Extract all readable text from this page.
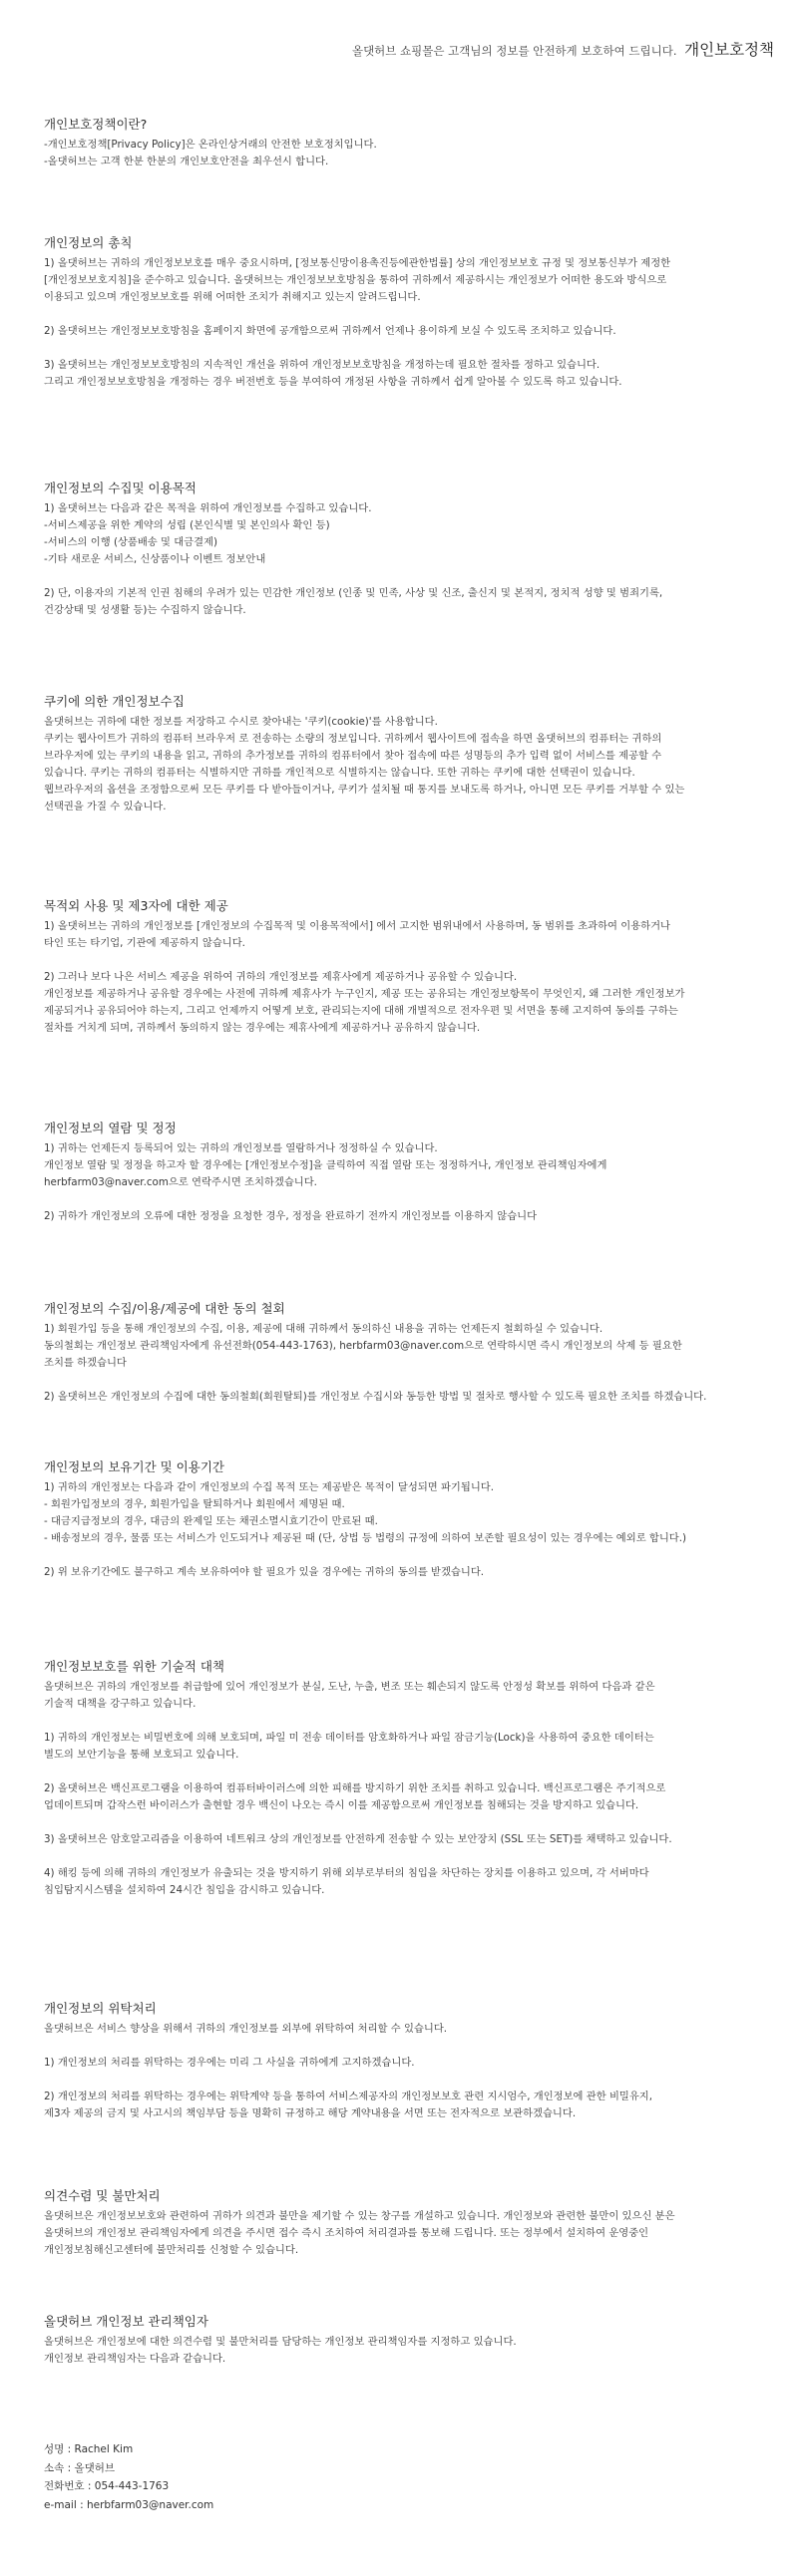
올댓허브 쇼핑몰은 고객님의 정보를 안전하게 보호하여 드립니다. 개인보호정책
개인보호정책이란?

-개인보호정책[Privacy Policy]은 온라인상거래의 안전한 보호정치입니다.
-올댓허브는 고객 한분 한분의 개인보호안전을 최우선시 합니다.

개인정보의 총칙

1) 올댓허브는 귀하의 개인정보보호를 매우 중요시하며, [정보통신망이용촉진등에관한법률] 상의 개인정보보호 규정 및 정보통신부가 제정한
[개인정보보호지침]을 준수하고 있습니다. 올댓허브는 개인정보보호방침을 통하여 귀하께서 제공하시는 개인정보가 어떠한 용도와 방식으로
이용되고 있으며 개인정보보호를 위해 어떠한 조치가 취해지고 있는지 알려드립니다.

2) 올댓허브는 개인정보보호방침을 홈페이지 화면에 공개함으로써 귀하께서 언제나 용이하게 보실 수 있도록 조치하고 있습니다.

3) 올댓허브는 개인정보보호방침의 지속적인 개선을 위하여 개인정보보호방침을 개정하는데 필요한 절차를 정하고 있습니다.
그리고 개인정보보호방침을 개정하는 경우 버전번호 등을 부여하여 개정된 사항을 귀하께서 쉽게 알아볼 수 있도록 하고 있습니다.

개인정보의 수집및 이용목적

1) 올댓허브는 다음과 같은 목적을 위하여 개인정보를 수집하고 있습니다.
-서비스제공을 위한 계약의 성립 (본인식별 및 본인의사 확인 등)
-서비스의 이행 (상품배송 및 대금결제)
-기타 새로운 서비스, 신상품이나 이벤트 정보안내

2) 단, 이용자의 기본적 인권 침해의 우려가 있는 민감한 개인정보 (인종 및 민족, 사상 및 신조, 출신지 및 본적지, 정치적 성향 및 범죄기록,
건강상태 및 성생활 등)는 수집하지 않습니다.

쿠키에 의한 개인정보수집

올댓허브는 귀하에 대한 정보를 저장하고 수시로 찾아내는 '쿠키(cookie)'를 사용합니다.
쿠키는 웹사이트가 귀하의 컴퓨터 브라우저 로 전송하는 소량의 정보입니다. 귀하께서 웹사이트에 접속을 하면 올댓허브의 컴퓨터는 귀하의
브라우저에 있는 쿠키의 내용을 읽고, 귀하의 추가정보를 귀하의 컴퓨터에서 찾아 접속에 따른 성명등의 추가 입력 없이 서비스를 제공할 수
있습니다. 쿠키는 귀하의 컴퓨터는 식별하지만 귀하를 개인적으로 식별하지는 않습니다. 또한 귀하는 쿠키에 대한 선택권이 있습니다.
웹브라우저의 옵션을 조정함으로써 모든 쿠키를 다 받아들이거나, 쿠키가 설치될 때 통지를 보내도록 하거나, 아니면 모든 쿠키를 거부할 수 있는
선택권을 가질 수 있습니다.

목적외 사용 및 제3자에 대한 제공

1) 올댓허브는 귀하의 개인정보를 [개인정보의 수집목적 및 이용목적에서] 에서 고지한 범위내에서 사용하며, 동 범위를 초과하여 이용하거나
타인 또는 타기업, 기관에 제공하지 않습니다.

2) 그러나 보다 나은 서비스 제공을 위하여 귀하의 개인정보를 제휴사에게 제공하거나 공유할 수 있습니다.
개인정보를 제공하거나 공유할 경우에는 사전에 귀하께 제휴사가 누구인지, 제공 또는 공유되는 개인정보항목이 무엇인지, 왜 그러한 개인정보가
제공되거나 공유되어야 하는지, 그리고 언제까지 어떻게 보호, 관리되는지에 대해 개별적으로 전자우편 및 서면을 통해 고지하여 동의를 구하는
절차를 거치게 되며, 귀하께서 동의하지 않는 경우에는 제휴사에게 제공하거나 공유하지 않습니다.

개인정보의 열람 및 정정

1) 귀하는 언제든지 등록되어 있는 귀하의 개인정보를 열람하거나 정정하실 수 있습니다.
개인정보 열람 및 정정을 하고자 할 경우에는 [개인정보수정]을 클릭하여 직접 열람 또는 정정하거나, 개인정보 관리책임자에게
herbfarm03@naver.com으로 연락주시면 조치하겠습니다.

2) 귀하가 개인정보의 오류에 대한 정정을 요청한 경우, 정정을 완료하기 전까지 개인정보를 이용하지 않습니다

개인정보의 수집/이용/제공에 대한 동의 철회

1) 회원가입 등을 통해 개인정보의 수집, 이용, 제공에 대해 귀하께서 동의하신 내용을 귀하는 언제든지 철회하실 수 있습니다.
동의철회는 개인정보 관리책임자에게 유선전화(054-443-1763), herbfarm03@naver.com으로 연락하시면 즉시 개인정보의 삭제 등 필요한
조치를 하겠습니다

2) 올댓허브은 개인정보의 수집에 대한 동의철회(회원탈퇴)를 개인정보 수집시와 동등한 방법 및 절차로 행사할 수 있도록 필요한 조치를 하겠습니다.

개인정보의 보유기간 및 이용기간

1) 귀하의 개인정보는 다음과 같이 개인정보의 수집 목적 또는 제공받은 목적이 달성되면 파기됩니다.
- 회원가입정보의 경우, 회원가입을 탈퇴하거나 회원에서 제명된 때.
- 대금지급정보의 경우, 대금의 완제일 또는 채권소멸시효기간이 만료된 때.
- 배송정보의 경우, 물품 또는 서비스가 인도되거나 제공된 때 (단, 상법 등 법령의 규정에 의하여 보존할 필요성이 있는 경우에는 예외로 합니다.)

2) 위 보유기간에도 불구하고 계속 보유하여야 할 필요가 있을 경우에는 귀하의 동의를 받겠습니다.

개인정보보호를 위한 기술적 대책

올댓허브은 귀하의 개인정보를 취급함에 있어 개인정보가 분실, 도난, 누출, 변조 또는 훼손되지 않도록 안정성 확보를 위하여 다음과 같은
기술적 대책을 강구하고 있습니다.

1) 귀하의 개인정보는 비밀번호에 의해 보호되며, 파일 미 전송 데이터를 암호화하거나 파일 잠금기능(Lock)을 사용하여 중요한 데이터는
별도의 보안기능을 통해 보호되고 있습니다.

2) 올댓허브은 백신프로그램을 이용하여 컴퓨터바이러스에 의한 피해를 방지하기 위한 조치를 취하고 있습니다. 백신프로그램은 주기적으로
업데이트되며 갑작스런 바이러스가 출현할 경우 백신이 나오는 즉시 이를 제공함으로써 개인정보를 침해되는 것을 방지하고 있습니다.

3) 올댓허브은 암호알고리즘을 이용하여 네트워크 상의 개인정보를 안전하게 전송할 수 있는 보안장치 (SSL 또는 SET)를 채택하고 있습니다.

4) 해킹 등에 의해 귀하의 개인정보가 유출되는 것을 방지하기 위해 외부로부터의 침입을 차단하는 장치를 이용하고 있으며, 각 서버마다
침입탐지시스템을 설치하여 24시간 침입을 감시하고 있습니다.

개인정보의 위탁처리

올댓허브은 서비스 향상을 위해서 귀하의 개인정보를 외부에 위탁하여 처리할 수 있습니다.

1) 개인정보의 처리를 위탁하는 경우에는 미리 그 사실을 귀하에게 고지하겠습니다.

2) 개인정보의 처리를 위탁하는 경우에는 위탁계약 등을 통하여 서비스제공자의 개인정보보호 관련 지시엄수, 개인정보에 관한 비밀유지,
제3자 제공의 금지 및 사고시의 책임부담 등을 명확히 규정하고 해당 계약내용을 서면 또는 전자적으로 보관하겠습니다.

의견수렴 및 불만처리

올댓허브은 개인정보보호와 관련하여 귀하가 의견과 불만을 제기할 수 있는 창구를 개설하고 있습니다. 개인정보와 관련한 불만이 있으신 분은
올댓허브의 개인정보 관리책임자에게 의견을 주시면 접수 즉시 조치하여 처리결과를 통보해 드립니다. 또는 정부에서 설치하여 운영중인
개인정보침해신고센터에 불만처리를 신청할 수 있습니다.

올댓허브 개인정보 관리책임자

올댓허브은 개인정보에 대한 의견수렴 및 불만처리를 담당하는 개인정보 관리책임자를 지정하고 있습니다.
개인정보 관리책임자는 다음과 같습니다.

성명 : Rachel Kim
소속 : 올댓허브
전화번호 : 054-443-1763
e-mail : herbfarm03@naver.com
